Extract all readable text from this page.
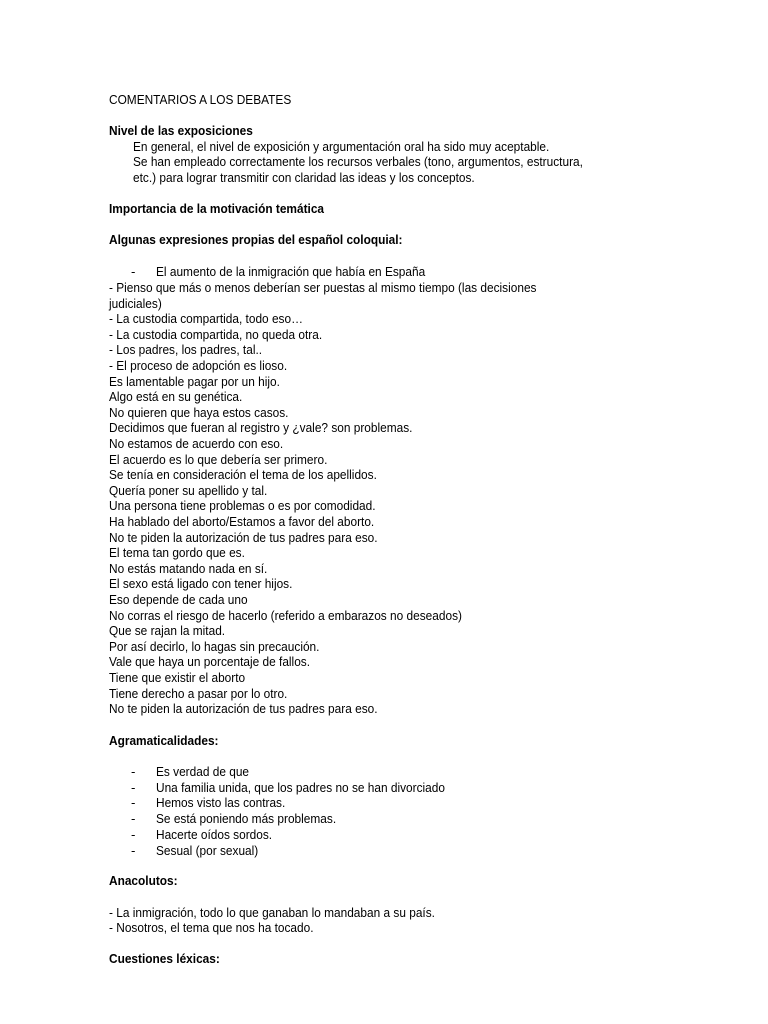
COMENTARIOS A LOS DEBATES
Nivel de las exposiciones
En general, el nivel de exposición y argumentación oral ha sido muy aceptable.
Se han empleado correctamente los recursos verbales (tono, argumentos, estructura,
etc.) para lograr transmitir con claridad las ideas y los conceptos.
Importancia de la motivación temática
Algunas expresiones propias del español coloquial:
- El aumento de la inmigración que había en España
- Pienso que más o menos deberían ser puestas al mismo tiempo (las decisiones
judiciales)
- La custodia compartida, todo eso…
- La custodia compartida, no queda otra.
- Los padres, los padres, tal..
- El proceso de adopción es lioso.
Es lamentable pagar por un hijo.
Algo está en su genética.
No quieren que haya estos casos.
Decidimos que fueran al registro y ¿vale? son problemas.
No estamos de acuerdo con eso.
El acuerdo es lo que debería ser primero.
Se tenía en consideración el tema de los apellidos.
Quería poner su apellido y tal.
Una persona tiene problemas o es por comodidad.
Ha hablado del aborto/Estamos a favor del aborto.
No te piden la autorización de tus padres para eso.
El tema tan gordo que es.
No estás matando nada en sí.
El sexo está ligado con tener hijos.
Eso depende de cada uno
No corras el riesgo de hacerlo (referido a embarazos no deseados)
Que se rajan la mitad.
Por así decirlo, lo hagas sin precaución.
Vale que haya un porcentaje de fallos.
Tiene que existir el aborto
Tiene derecho a pasar por lo otro.
No te piden la autorización de tus padres para eso.
Agramaticalidades:
- Es verdad de que
- Una familia unida, que los padres no se han divorciado
- Hemos visto las contras.
- Se está poniendo más problemas.
- Hacerte oídos sordos.
- Sesual (por sexual)
Anacolutos:
- La inmigración, todo lo que ganaban lo mandaban a su país.
- Nosotros, el tema que nos ha tocado.
Cuestiones léxicas:
